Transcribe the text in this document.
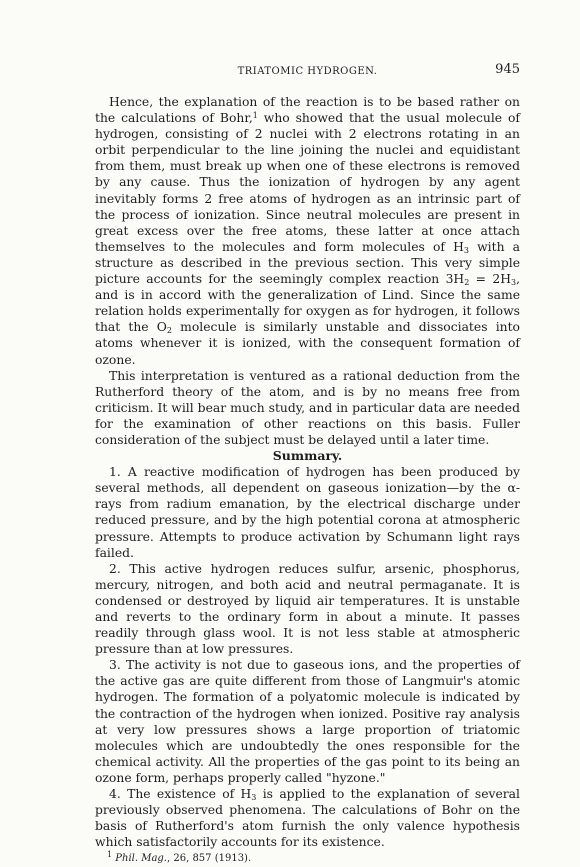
TRIATOMIC HYDROGEN.	945

Hence, the explanation of the reaction is to be based rather on the calculations of Bohr,$^1$ who showed that the usual molecule of hydrogen, consisting of 2 nuclei with 2 electrons rotating in an orbit perpendicular to the line joining the nuclei and equidistant from them, must break up when one of these electrons is removed by any cause. Thus the ionization of hydrogen by any agent inevitably forms 2 free atoms of hydrogen as an intrinsic part of the process of ionization. Since neutral molecules are present in great excess over the free atoms, these latter at once attach themselves to the molecules and form molecules of $H_3$ with a structure as described in the previous section. This very simple picture accounts for the seemingly complex reaction $3H_2 = 2H_3$, and is in accord with the generalization of Lind. Since the same relation holds experimentally for oxygen as for hydrogen, it follows that the $O_2$ molecule is similarly unstable and dissociates into atoms whenever it is ionized, with the consequent formation of ozone.

This interpretation is ventured as a rational deduction from the Rutherford theory of the atom, and is by no means free from criticism. It will bear much study, and in particular data are needed for the examination of other reactions on this basis. Fuller consideration of the subject must be delayed until a later time.

Summary.

1. A reactive modification of hydrogen has been produced by several methods, all dependent on gaseous ionization—by the α-rays from radium emanation, by the electrical discharge under reduced pressure, and by the high potential corona at atmospheric pressure. Attempts to produce activation by Schumann light rays failed.

2. This active hydrogen reduces sulfur, arsenic, phosphorus, mercury, nitrogen, and both acid and neutral permaganate. It is condensed or destroyed by liquid air temperatures. It is unstable and reverts to the ordinary form in about a minute. It passes readily through glass wool. It is not less stable at atmospheric pressure than at low pressures.

3. The activity is not due to gaseous ions, and the properties of the active gas are quite different from those of Langmuir's atomic hydrogen. The formation of a polyatomic molecule is indicated by the contraction of the hydrogen when ionized. Positive ray analysis at very low pressures shows a large proportion of triatomic molecules which are undoubtedly the ones responsible for the chemical activity. All the properties of the gas point to its being an ozone form, perhaps properly called "hyzone."

4. The existence of $H_3$ is applied to the explanation of several previously observed phenomena. The calculations of Bohr on the basis of Rutherford's atom furnish the only valence hypothesis which satisfactorily accounts for its existence.

$^1$ Phil. Mag., 26, 857 (1913).
